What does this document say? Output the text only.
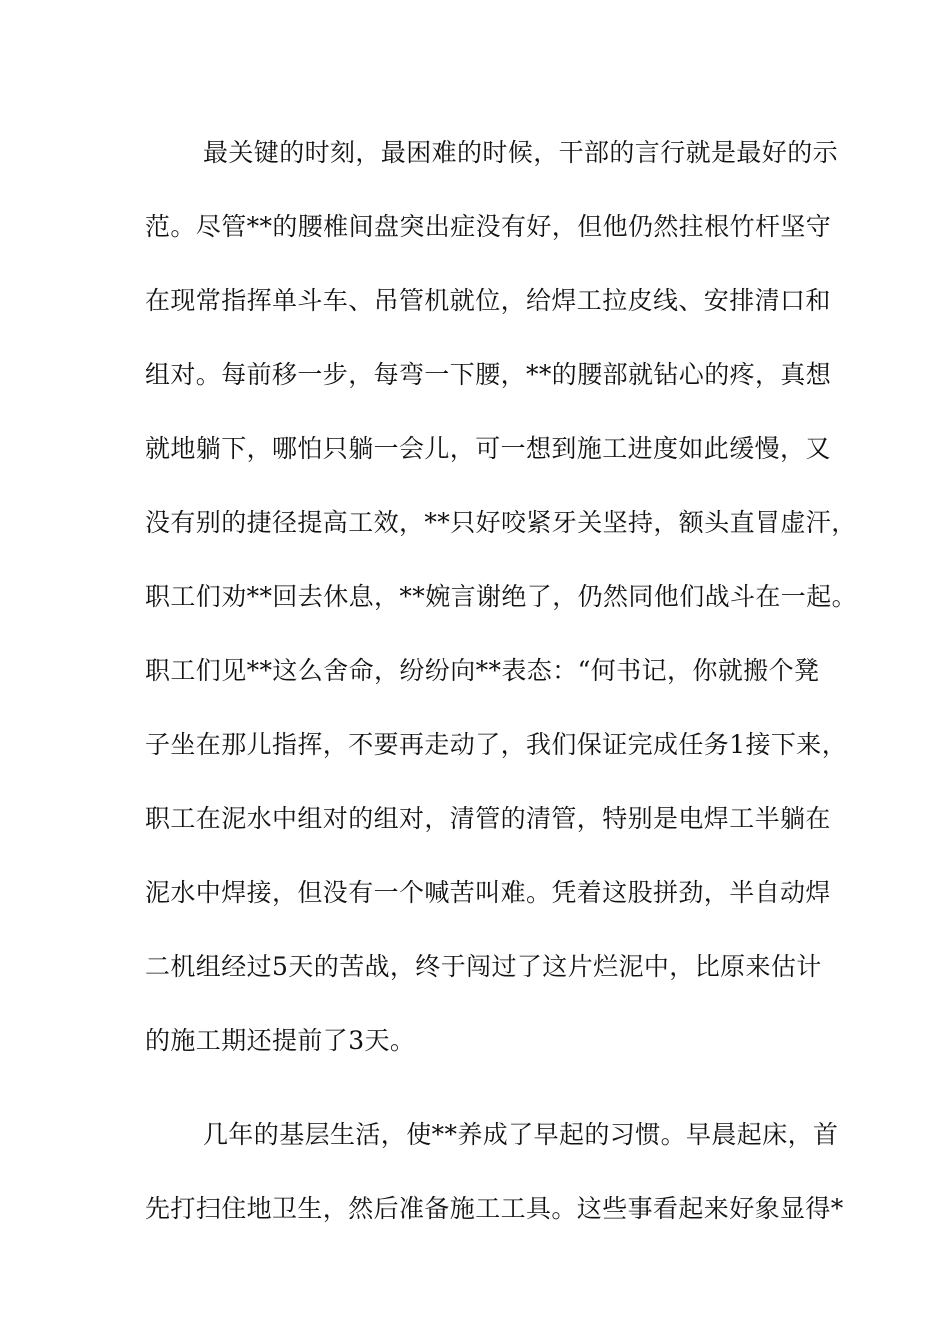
最关键的时刻，最困难的时候，干部的言行就是最好的示
范。尽管**的腰椎间盘突出症没有好，但他仍然拄根竹杆坚守
在现常指挥单斗车、吊管机就位，给焊工拉皮线、安排清口和
组对。每前移一步，每弯一下腰，**的腰部就钻心的疼，真想
就地躺下，哪怕只躺一会儿，可一想到施工进度如此缓慢，又
没有别的捷径提高工效，**只好咬紧牙关坚持，额头直冒虚汗，
职工们劝**回去休息，**婉言谢绝了，仍然同他们战斗在一起。
职工们见**这么舍命，纷纷向**表态：“何书记，你就搬个凳
子坐在那儿指挥，不要再走动了，我们保证完成任务1接下来，
职工在泥水中组对的组对，清管的清管，特别是电焊工半躺在
泥水中焊接，但没有一个喊苦叫难。凭着这股拼劲，半自动焊
二机组经过5天的苦战，终于闯过了这片烂泥中，比原来估计
的施工期还提前了3天。
几年的基层生活，使**养成了早起的习惯。早晨起床，首
先打扫住地卫生，然后准备施工工具。这些事看起来好象显得*
